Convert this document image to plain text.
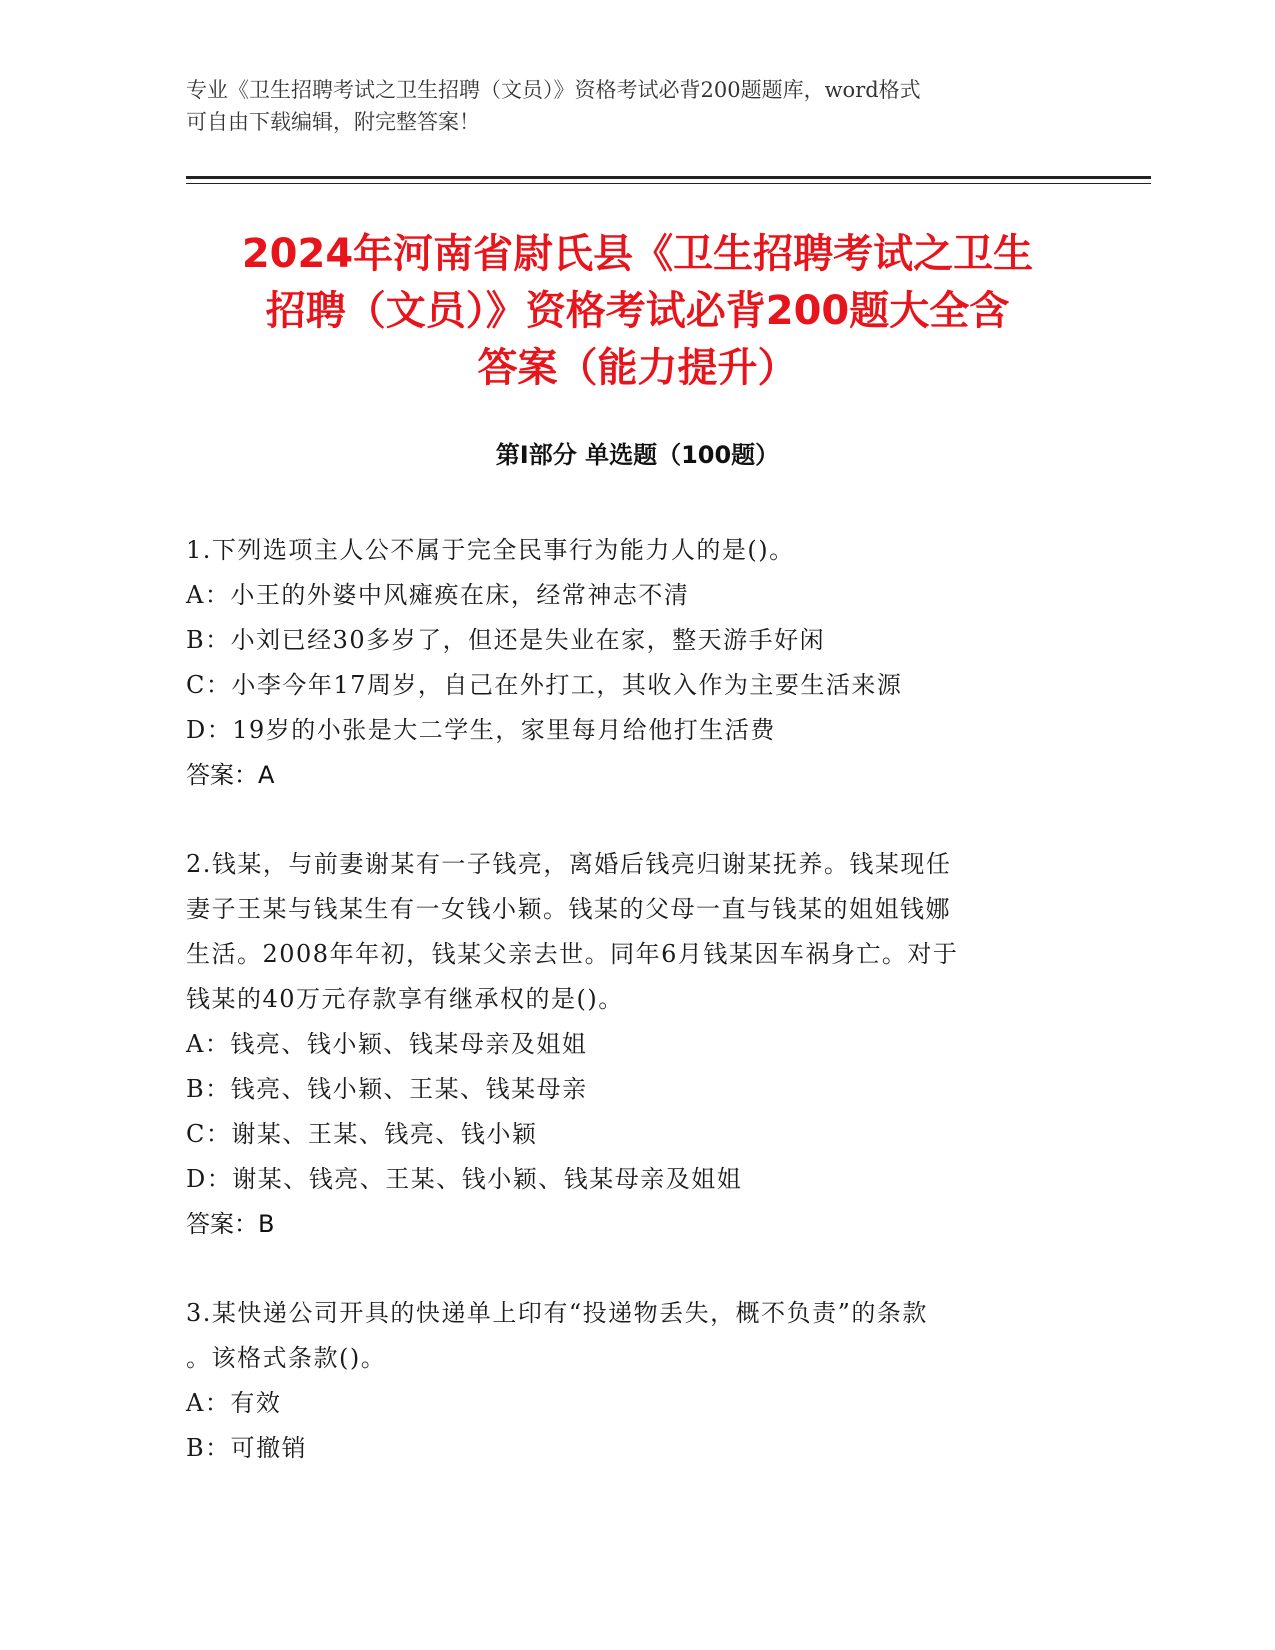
专业《卫生招聘考试之卫生招聘（文员）》资格考试必背200题题库，word格式
可自由下载编辑，附完整答案！
2024年河南省尉氏县《卫生招聘考试之卫生
招聘（文员）》资格考试必背200题大全含
答案（能力提升）
第Ⅰ部分 单选题（100题）
1.下列选项主人公不属于完全民事行为能力人的是()。
A：小王的外婆中风瘫痪在床，经常神志不清
B：小刘已经30多岁了，但还是失业在家，整天游手好闲
C：小李今年17周岁，自己在外打工，其收入作为主要生活来源
D：19岁的小张是大二学生，家里每月给他打生活费
答案：A
2.钱某，与前妻谢某有一子钱亮，离婚后钱亮归谢某抚养。钱某现任
妻子王某与钱某生有一女钱小颖。钱某的父母一直与钱某的姐姐钱娜
生活。2008年年初，钱某父亲去世。同年6月钱某因车祸身亡。对于
钱某的40万元存款享有继承权的是()。
A：钱亮、钱小颖、钱某母亲及姐姐
B：钱亮、钱小颖、王某、钱某母亲
C：谢某、王某、钱亮、钱小颖
D：谢某、钱亮、王某、钱小颖、钱某母亲及姐姐
答案：B
3.某快递公司开具的快递单上印有“投递物丢失，概不负责”的条款
。该格式条款()。
A：有效
B：可撤销
